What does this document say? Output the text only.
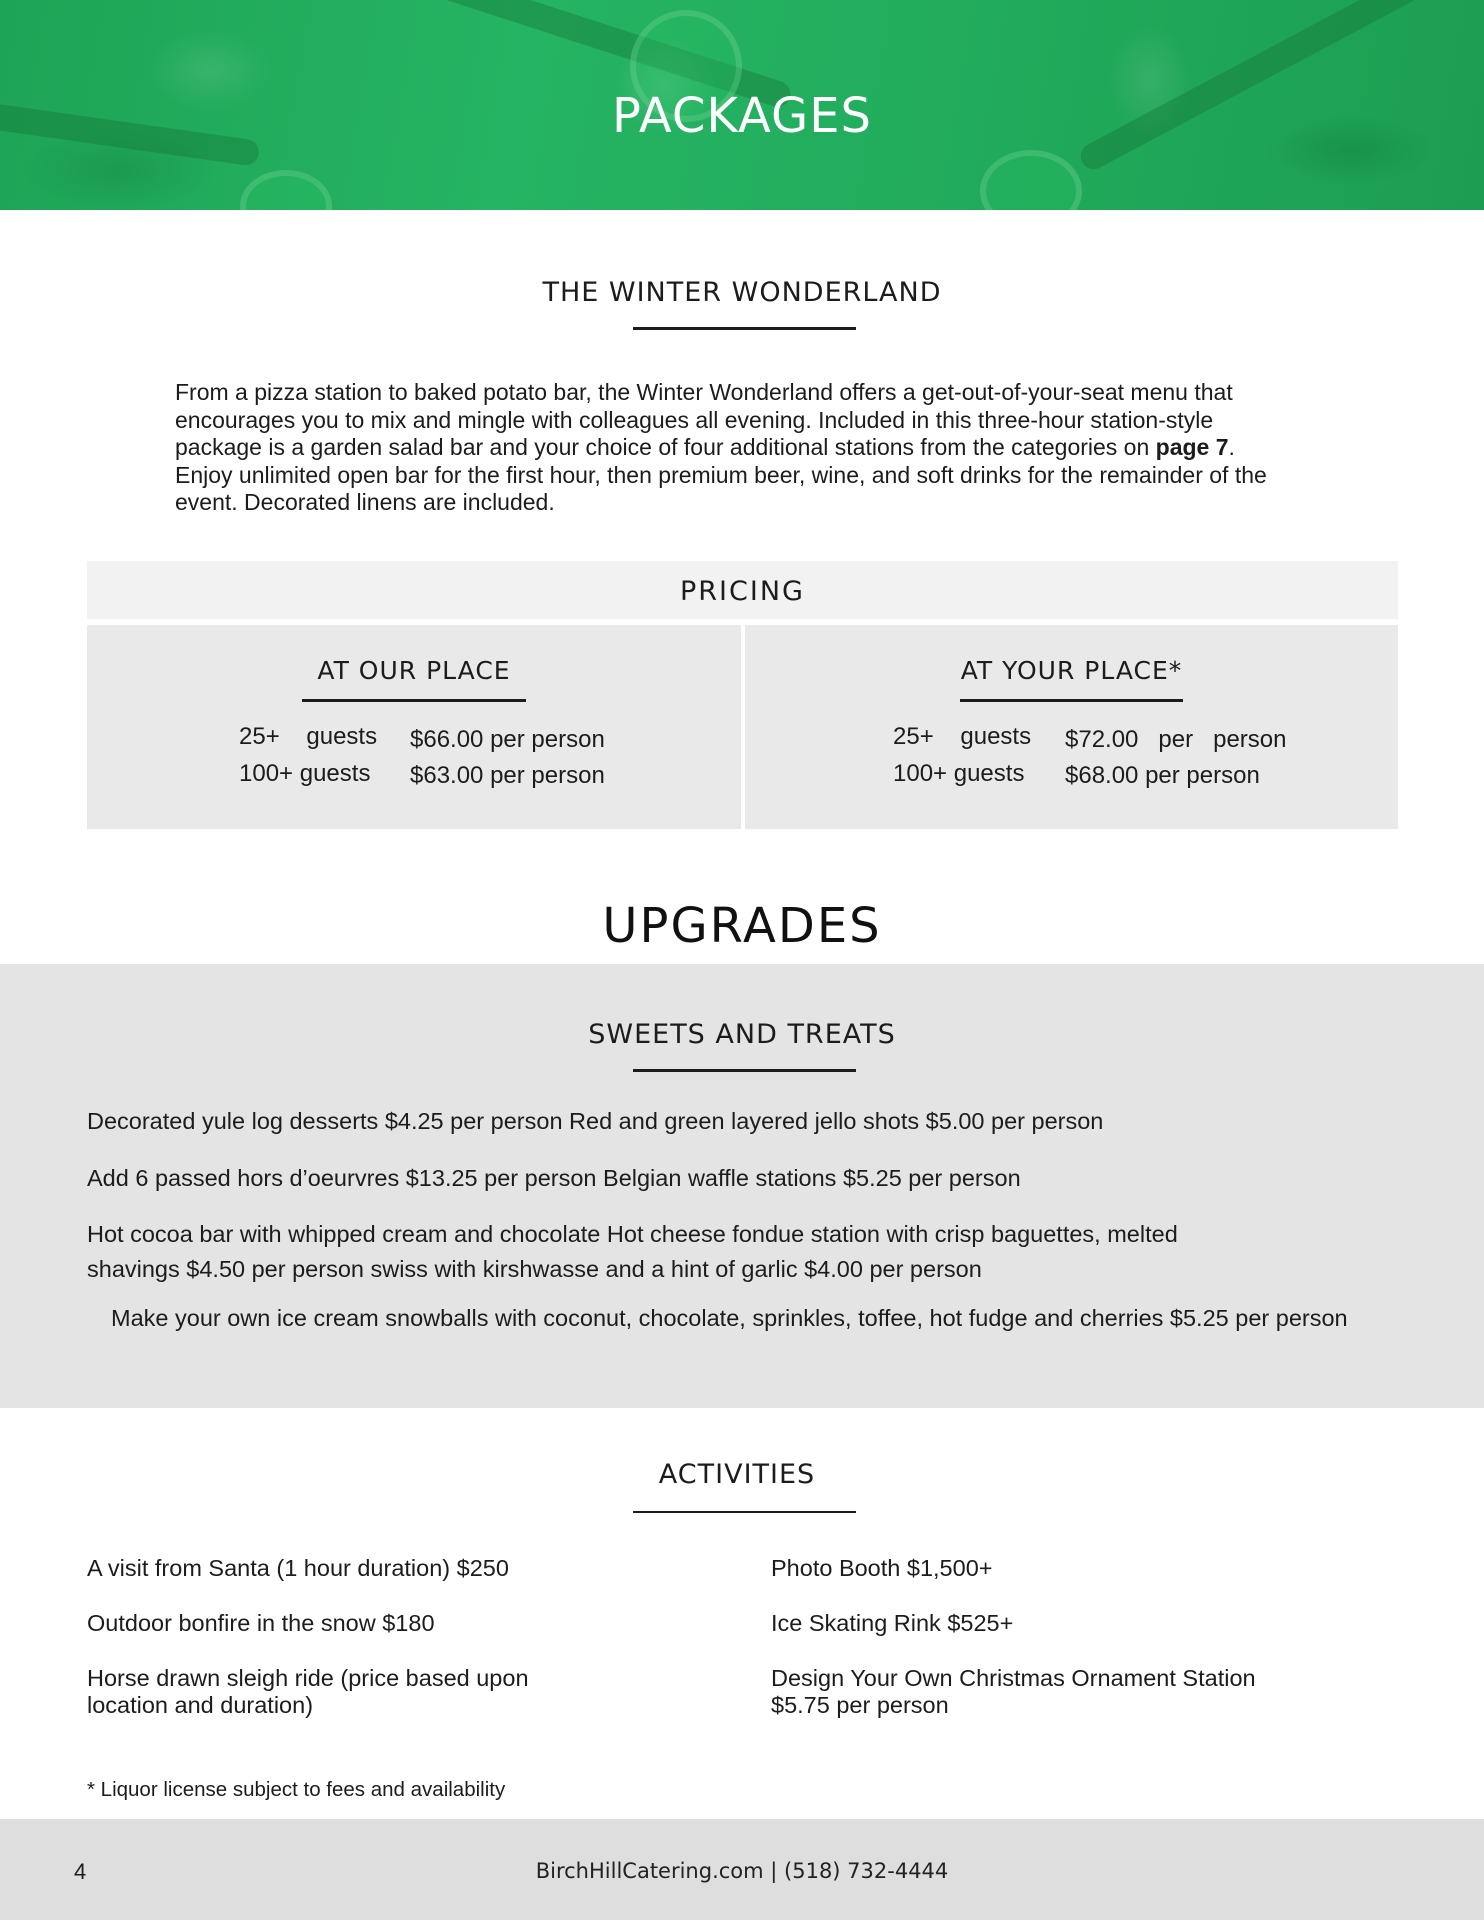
PACKAGES
THE WINTER WONDERLAND

From a pizza station to baked potato bar, the Winter Wonderland offers a get-out-of-your-seat menu that encourages you to mix and mingle with colleagues all evening. Included in this three-hour station-style package is a garden salad bar and your choice of four additional stations from the categories on page 7. Enjoy unlimited open bar for the first hour, then premium beer, wine, and soft drinks for the remainder of the event. Decorated linens are included.

PRICING
AT OUR PLACE
25+    guests $66.00 per person
100+ guests $63.00 per person
AT YOUR PLACE*
25+    guests $72.00   per   person
100+ guests $68.00 per person
UPGRADES
SWEETS AND TREATS
Decorated yule log desserts $4.25 per person Red and green layered jello shots $5.00 per person
Add 6 passed hors d’oeurvres $13.25 per person Belgian waffle stations $5.25 per person
Hot cocoa bar with whipped cream and chocolate Hot cheese fondue station with crisp baguettes, melted
shavings $4.50 per person swiss with kirshwasse and a hint of garlic $4.00 per person
Make your own ice cream snowballs with coconut, chocolate, sprinkles, toffee, hot fudge and cherries $5.25 per person
ACTIVITIES
A visit from Santa (1 hour duration) $250
Outdoor bonfire in the snow $180
Horse drawn sleigh ride (price based upon location and duration)
Photo Booth $1,500+
Ice Skating Rink $525+
Design Your Own Christmas Ornament Station $5.75 per person
* Liquor license subject to fees and availability
4	BirchHillCatering.com | (518) 732-4444
